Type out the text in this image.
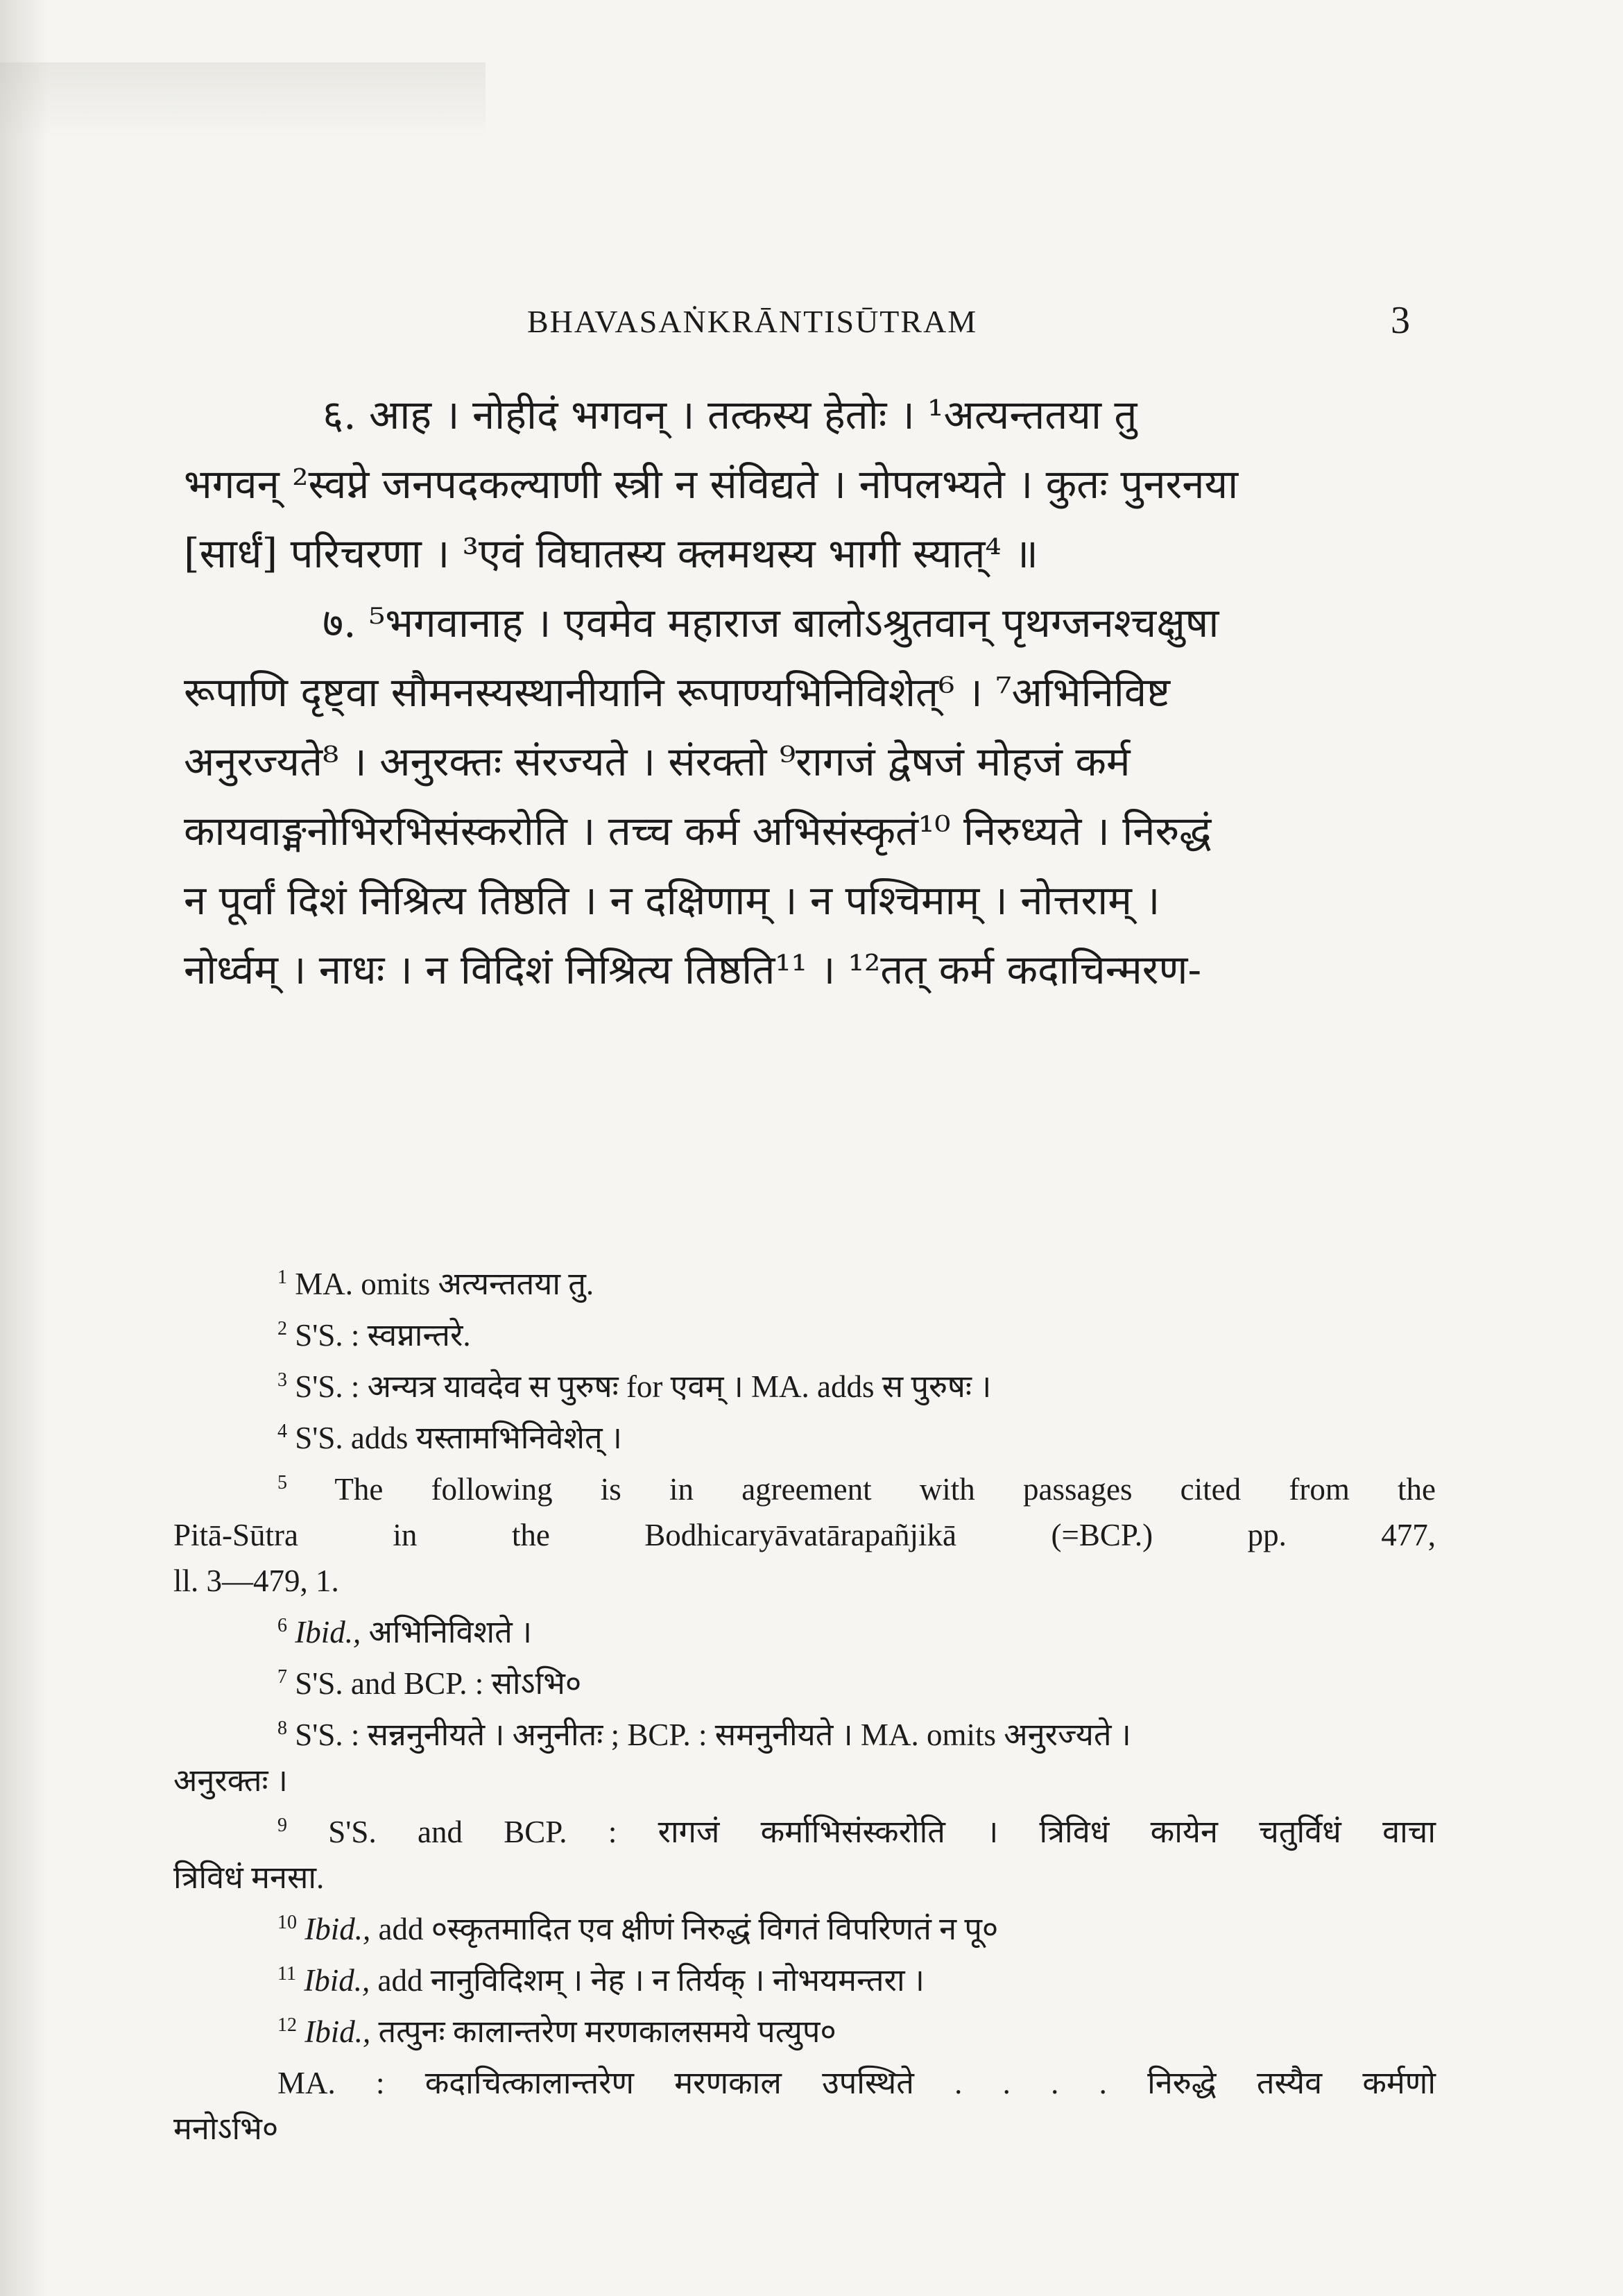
BHAVASAṄKRĀNTISŪTRAM	3
६. आह । नोहीदं भगवन् । तत्कस्य हेतोः । ¹अत्यन्ततया तु
भगवन् ²स्वप्ने जनपदकल्याणी स्त्री न संविद्यते । नोपलभ्यते । कुतः पुनरनया
[सार्धं] परिचरणा । ³एवं विघातस्य क्लमथस्य भागी स्यात्⁴ ॥
७. ⁵भगवानाह । एवमेव महाराज बालोऽश्रुतवान् पृथग्जनश्चक्षुषा
रूपाणि दृष्ट्वा सौमनस्यस्थानीयानि रूपाण्यभिनिविशेत्⁶ । ⁷अभिनिविष्ट
अनुरज्यते⁸ । अनुरक्तः संरज्यते । संरक्तो ⁹रागजं द्वेषजं मोहजं कर्म
कायवाङ्मनोभिरभिसंस्करोति । तच्च कर्म अभिसंस्कृतं¹⁰ निरुध्यते । निरुद्धं
न पूर्वां दिशं निश्रित्य तिष्ठति । न दक्षिणाम् । न पश्चिमाम् । नोत्तराम् ।
नोर्ध्वम् । नाधः । न विदिशं निश्रित्य तिष्ठति¹¹ । ¹²तत् कर्म कदाचिन्मरण-
$^1$ MA. omits अत्यन्ततया तु.
$^2$ S'S. : स्वप्नान्तरे.
$^3$ S'S. : अन्यत्र यावदेव स पुरुषः for एवम् । MA. adds स पुरुषः ।
$^4$ S'S. adds यस्तामभिनिवेशेत् ।
$^5$ The following is in agreement with passages cited from the
Pitā-Sūtra in the Bodhicaryāvatārapañjikā (=BCP.) pp. 477,
ll. 3—479, 1.
$^6$ Ibid., अभिनिविशते ।
$^7$ S'S. and BCP. : सोऽभि०
$^8$ S'S. : सन्ननुनीयते । अनुनीतः ; BCP. : समनुनीयते । MA. omits अनुरज्यते ।
अनुरक्तः ।
$^9$ S'S. and BCP. : रागजं कर्माभिसंस्करोति । त्रिविधं कायेन चतुर्विधं वाचा
त्रिविधं मनसा.
$^{10}$ Ibid., add ०स्कृतमादित एव क्षीणं निरुद्धं विगतं विपरिणतं न पू०
$^{11}$ Ibid., add नानुविदिशम् । नेह । न तिर्यक् । नोभयमन्तरा ।
$^{12}$ Ibid., तत्पुनः कालान्तरेण मरणकालसमये पत्युप०
MA. : कदाचित्कालान्तरेण मरणकाल उपस्थिते . . . . निरुद्धे तस्यैव कर्मणो
मनोऽभि०
